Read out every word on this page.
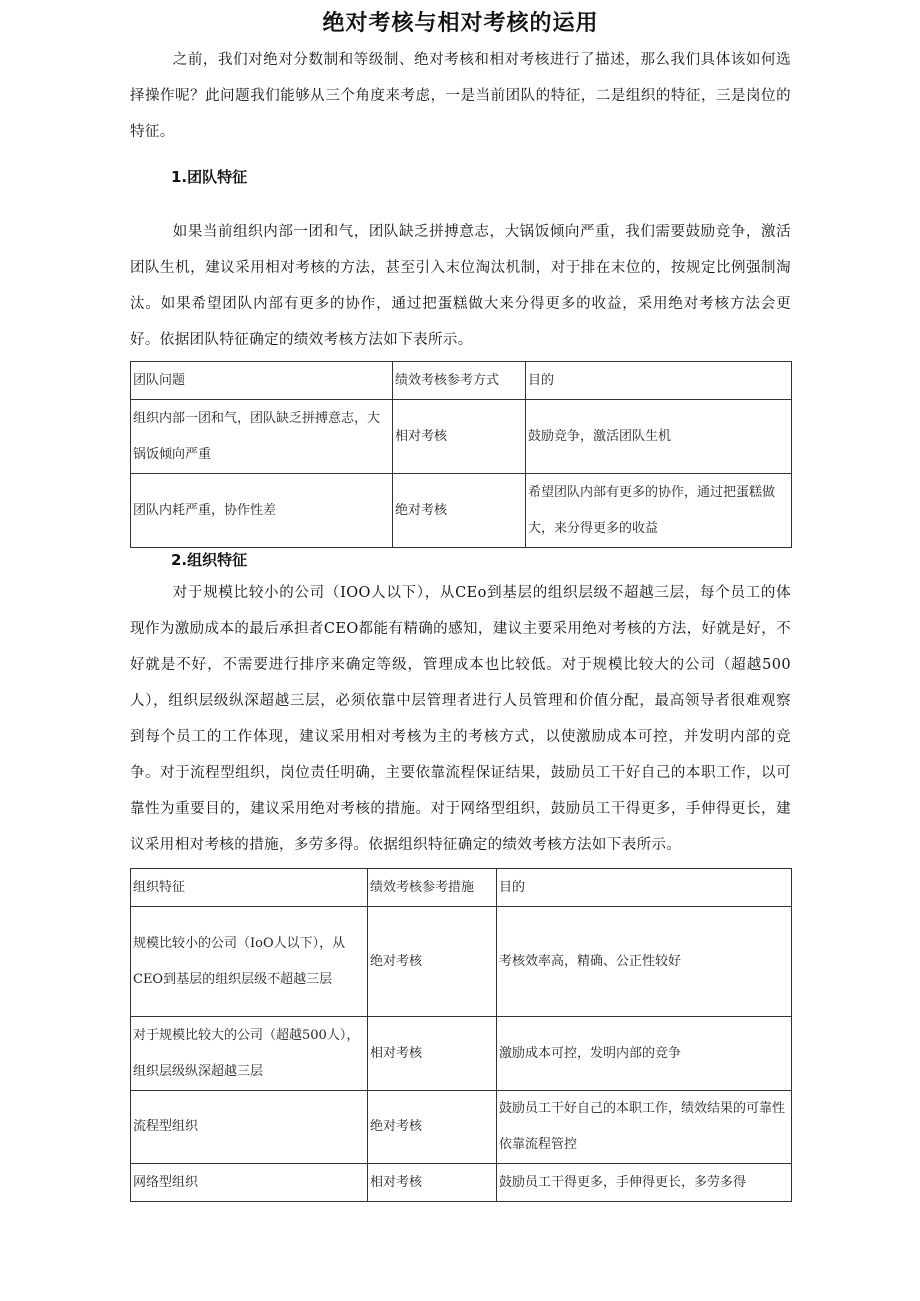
绝对考核与相对考核的运用

之前，我们对绝对分数制和等级制、绝对考核和相对考核进行了描述，那么我们具体该如何选择操作呢？此问题我们能够从三个角度来考虑，一是当前团队的特征，二是组织的特征，三是岗位的特征。

1.团队特征

如果当前组织内部一团和气，团队缺乏拼搏意志，大锅饭倾向严重，我们需要鼓励竞争，激活团队生机，建议采用相对考核的方法，甚至引入末位淘汰机制，对于排在末位的，按规定比例强制淘汰。如果希望团队内部有更多的协作，通过把蛋糕做大来分得更多的收益，采用绝对考核方法会更好。依据团队特征确定的绩效考核方法如下表所示。

团队问题	绩效考核参考方式	目的
组织内部一团和气，团队缺乏拼搏意志，大锅饭倾向严重	相对考核	鼓励竞争，激活团队生机
团队内耗严重，协作性差	绝对考核	希望团队内部有更多的协作，通过把蛋糕做大，来分得更多的收益
2.组织特征

对于规模比较小的公司（IOO人以下），从CEo到基层的组织层级不超越三层，每个员工的体现作为激励成本的最后承担者CEO都能有精确的感知，建议主要采用绝对考核的方法，好就是好，不好就是不好，不需要进行排序来确定等级，管理成本也比较低。对于规模比较大的公司（超越500人），组织层级纵深超越三层，必须依靠中层管理者进行人员管理和价值分配，最高领导者很难观察到每个员工的工作体现，建议采用相对考核为主的考核方式，以使激励成本可控，并发明内部的竞争。对于流程型组织，岗位责任明确，主要依靠流程保证结果，鼓励员工干好自己的本职工作，以可靠性为重要目的，建议采用绝对考核的措施。对于网络型组织，鼓励员工干得更多，手伸得更长，建议采用相对考核的措施，多劳多得。依据组织特征确定的绩效考核方法如下表所示。

组织特征	绩效考核参考措施	目的
规模比较小的公司（IoO人以下），从CEO到基层的组织层级不超越三层	绝对考核	考核效率高，精确、公正性较好
对于规模比较大的公司（超越500人），组织层级纵深超越三层	相对考核	激励成本可控，发明内部的竞争
流程型组织	绝对考核	鼓励员工干好自己的本职工作，绩效结果的可靠性依靠流程管控
网络型组织	相对考核	鼓励员工干得更多，手伸得更长，多劳多得
